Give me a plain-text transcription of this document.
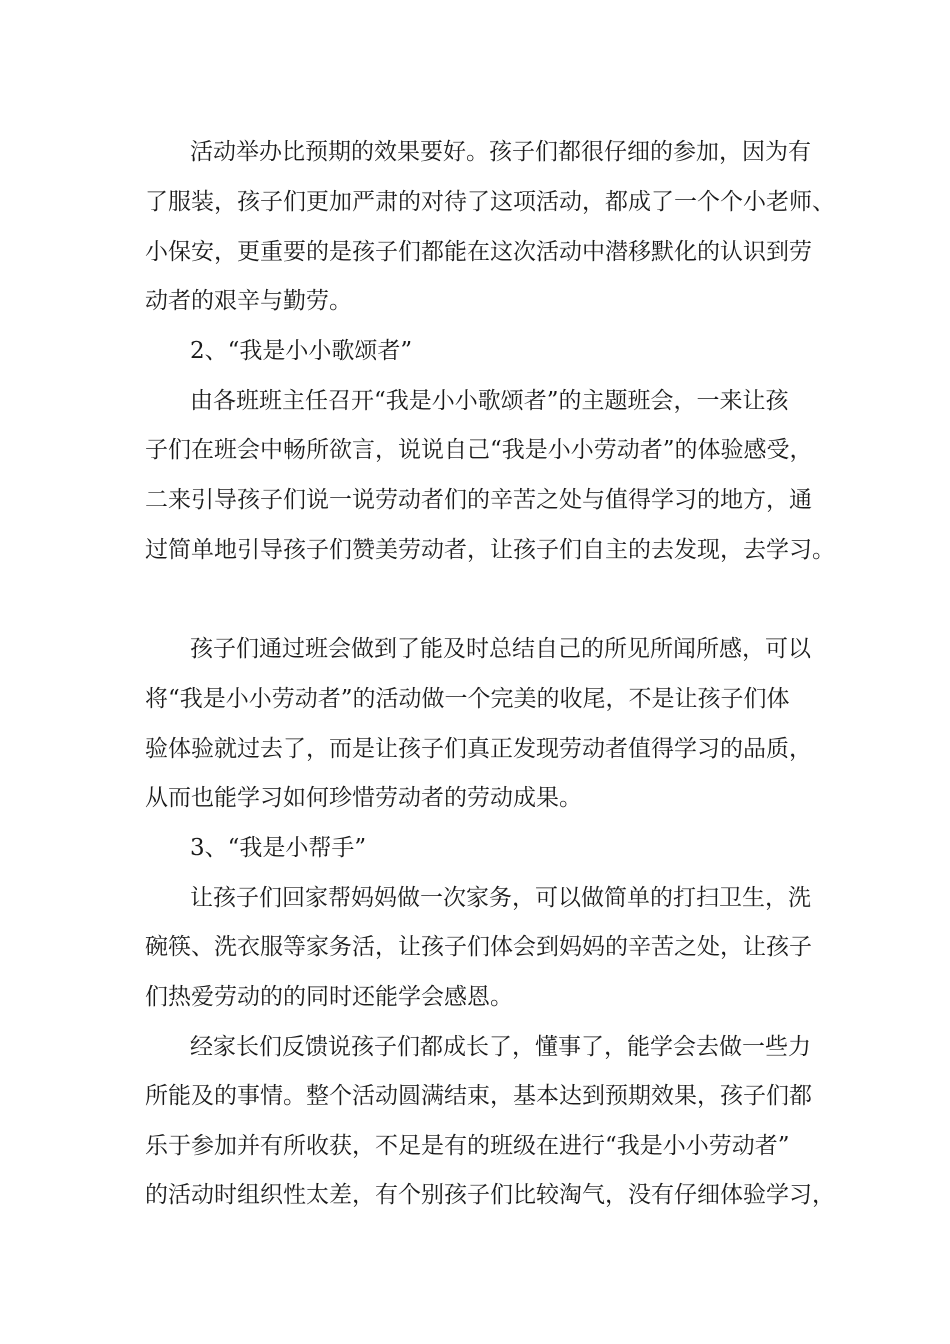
活动举办比预期的效果要好。孩子们都很仔细的参加，因为有
了服装，孩子们更加严肃的对待了这项活动，都成了一个个小老师、
小保安，更重要的是孩子们都能在这次活动中潜移默化的认识到劳
动者的艰辛与勤劳。
2、“我是小小歌颂者”
由各班班主任召开“我是小小歌颂者”的主题班会，一来让孩
子们在班会中畅所欲言，说说自己“我是小小劳动者”的体验感受，
二来引导孩子们说一说劳动者们的辛苦之处与值得学习的地方，通
过简单地引导孩子们赞美劳动者，让孩子们自主的去发现，去学习。
孩子们通过班会做到了能及时总结自己的所见所闻所感，可以
将“我是小小劳动者”的活动做一个完美的收尾，不是让孩子们体
验体验就过去了，而是让孩子们真正发现劳动者值得学习的品质，
从而也能学习如何珍惜劳动者的劳动成果。
3、“我是小帮手”
让孩子们回家帮妈妈做一次家务，可以做简单的打扫卫生，洗
碗筷、洗衣服等家务活，让孩子们体会到妈妈的辛苦之处，让孩子
们热爱劳动的的同时还能学会感恩。
经家长们反馈说孩子们都成长了，懂事了，能学会去做一些力
所能及的事情。整个活动圆满结束，基本达到预期效果，孩子们都
乐于参加并有所收获，不足是有的班级在进行“我是小小劳动者”
的活动时组织性太差，有个别孩子们比较淘气，没有仔细体验学习，
